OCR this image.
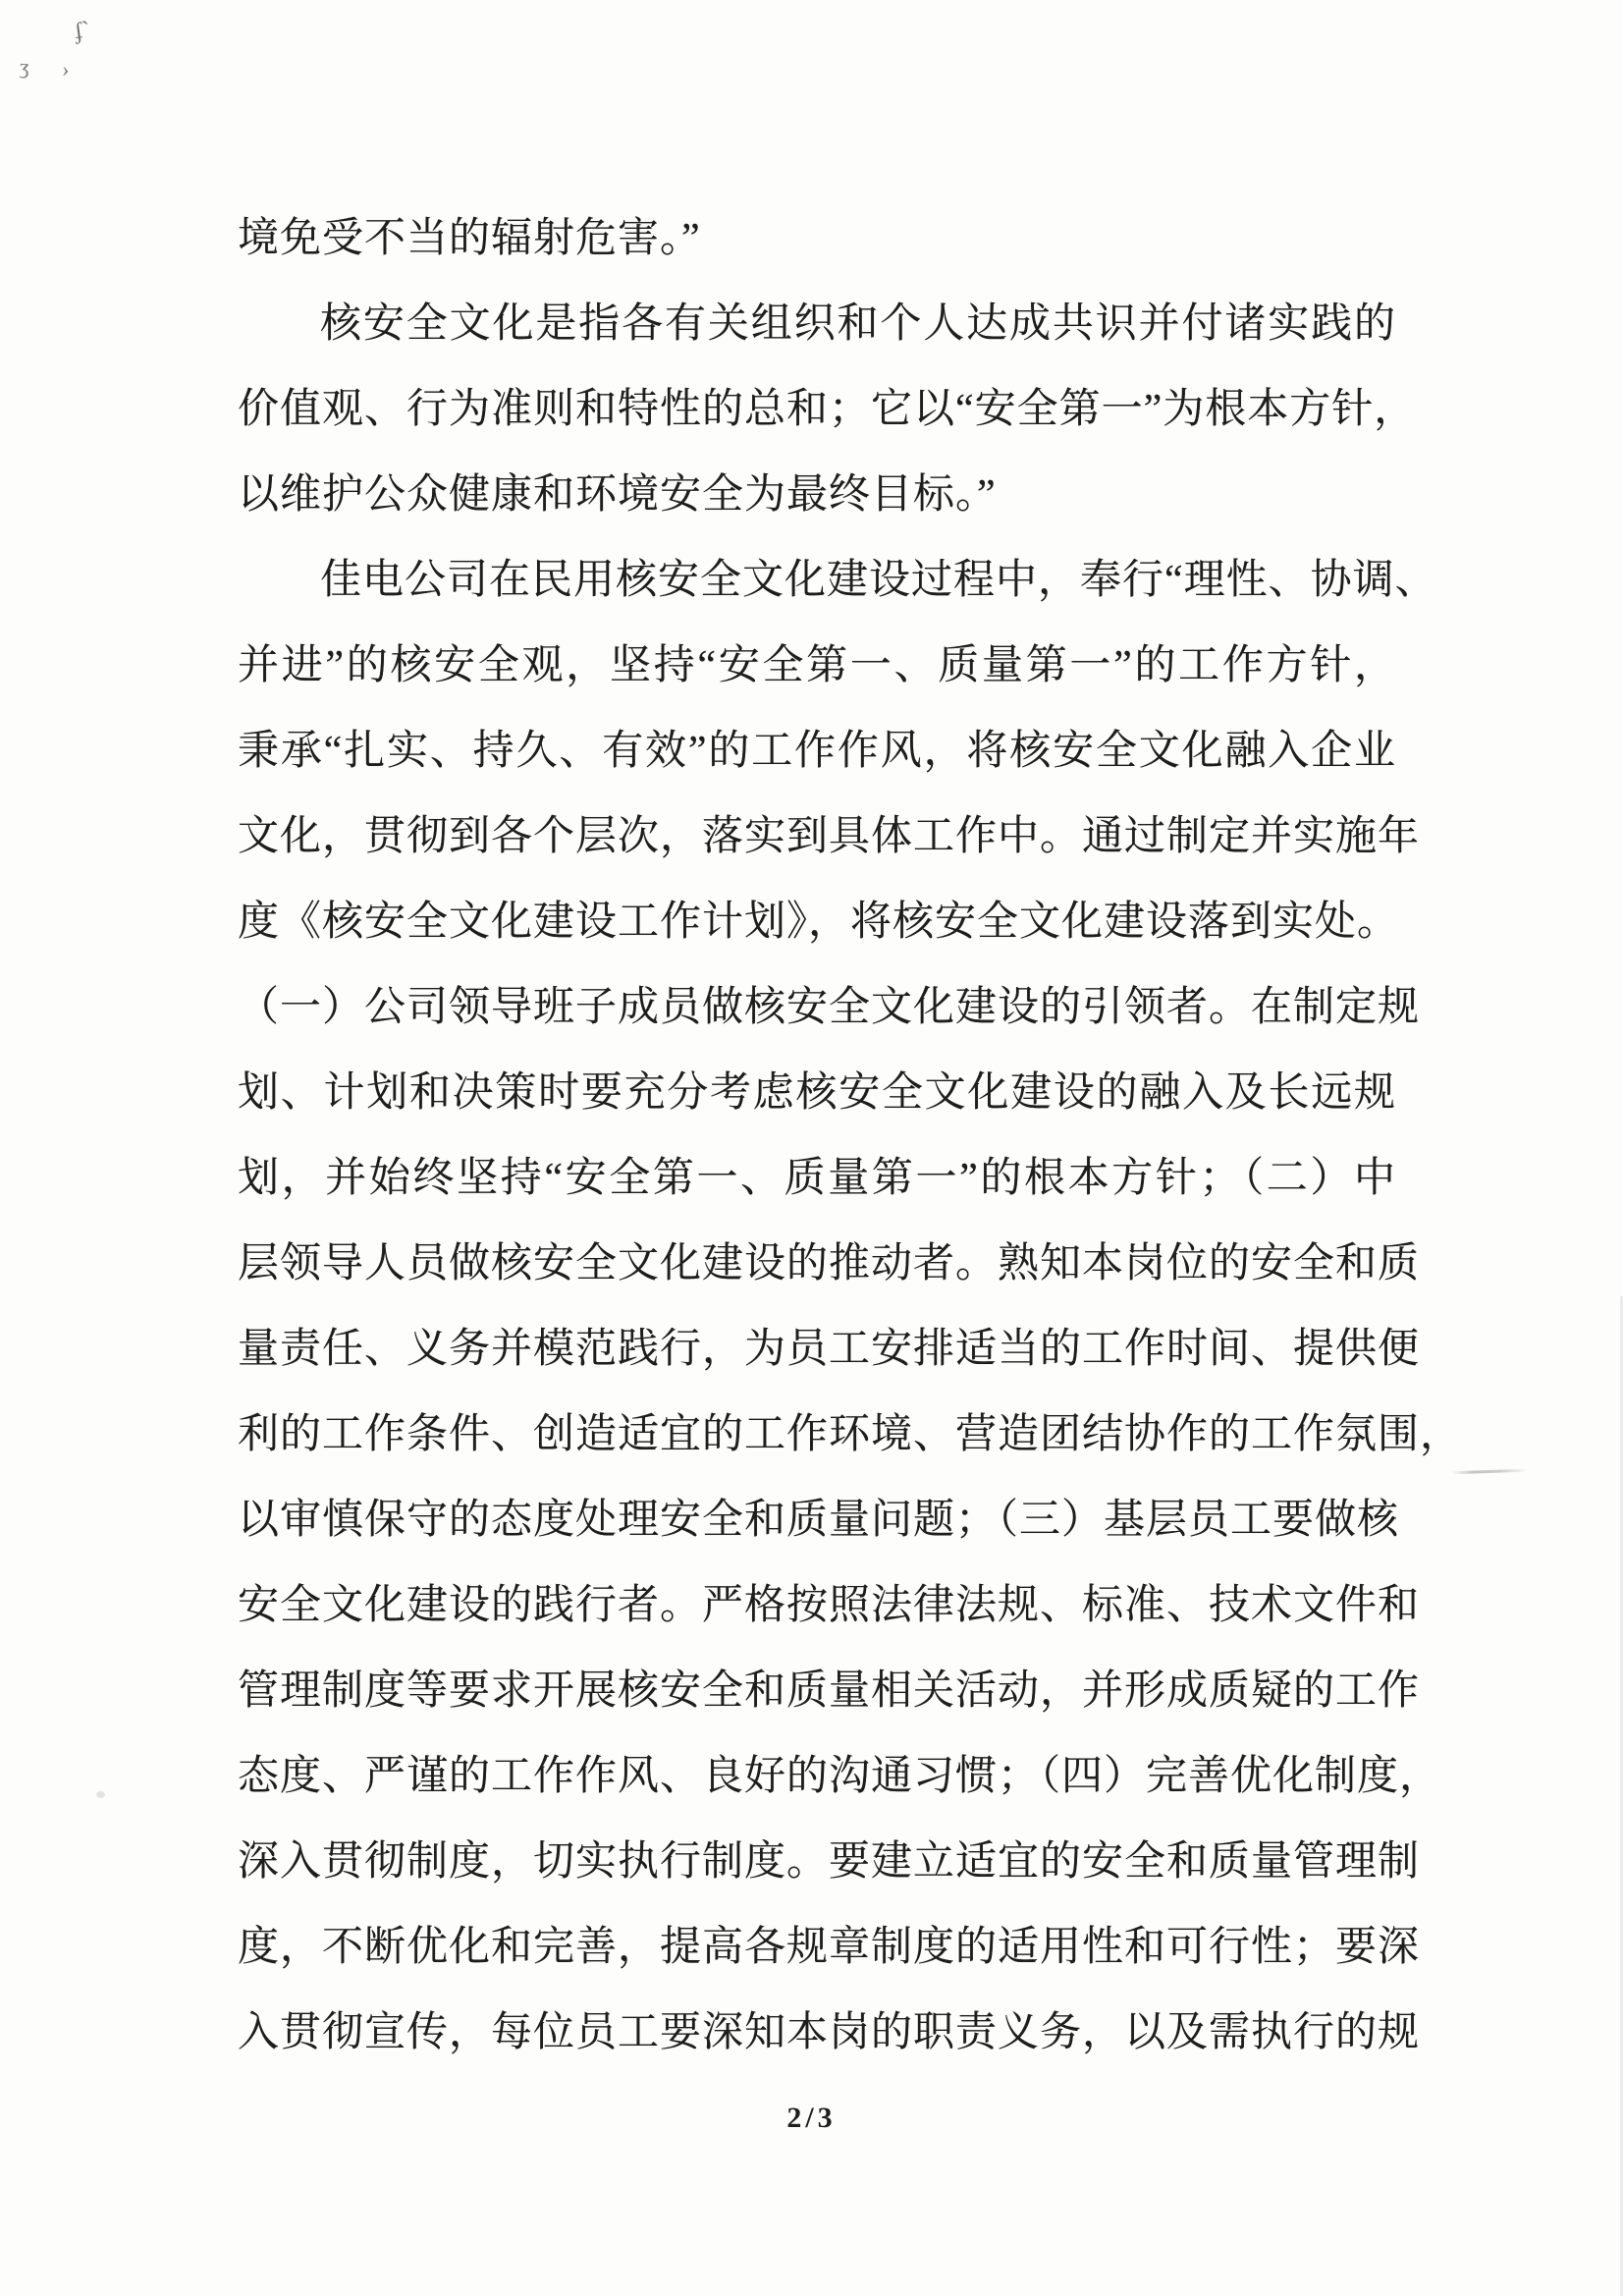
ʄˋ
ʒ ›
境免受不当的辐射危害。”
核安全文化是指各有关组织和个人达成共识并付诸实践的
价值观、行为准则和特性的总和；它以“安全第一”为根本方针，
以维护公众健康和环境安全为最终目标。”
佳电公司在民用核安全文化建设过程中，奉行“理性、协调、
并进”的核安全观，坚持“安全第一、质量第一”的工作方针，
秉承“扎实、持久、有效”的工作作风，将核安全文化融入企业
文化，贯彻到各个层次，落实到具体工作中。通过制定并实施年
度《核安全文化建设工作计划》，将核安全文化建设落到实处。
（一）公司领导班子成员做核安全文化建设的引领者。在制定规
划、计划和决策时要充分考虑核安全文化建设的融入及长远规
划，并始终坚持“安全第一、质量第一”的根本方针；（二）中
层领导人员做核安全文化建设的推动者。熟知本岗位的安全和质
量责任、义务并模范践行，为员工安排适当的工作时间、提供便
利的工作条件、创造适宜的工作环境、营造团结协作的工作氛围，
以审慎保守的态度处理安全和质量问题；（三）基层员工要做核
安全文化建设的践行者。严格按照法律法规、标准、技术文件和
管理制度等要求开展核安全和质量相关活动，并形成质疑的工作
态度、严谨的工作作风、良好的沟通习惯；（四）完善优化制度，
深入贯彻制度，切实执行制度。要建立适宜的安全和质量管理制
度，不断优化和完善，提高各规章制度的适用性和可行性；要深
入贯彻宣传，每位员工要深知本岗的职责义务，以及需执行的规
2/3
